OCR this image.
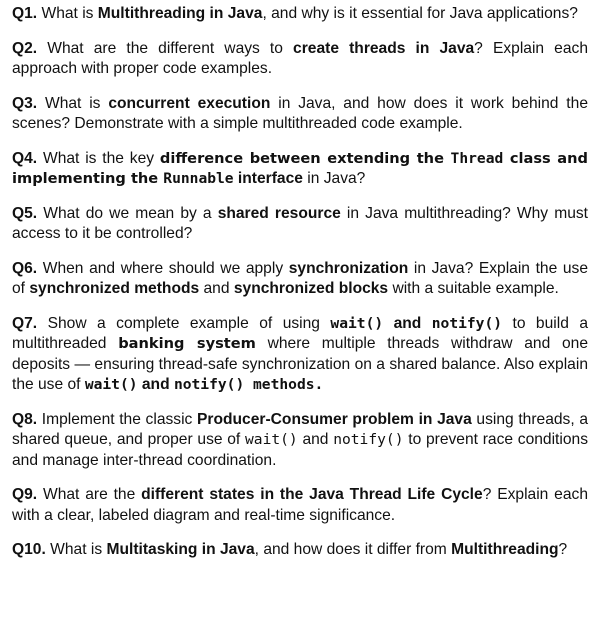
Q1. What is Multithreading in Java, and why is it essential for Java applications?

Q2. What are the different ways to create threads in Java? Explain each approach with proper code examples.

Q3. What is concurrent execution in Java, and how does it work behind the scenes? Demonstrate with a simple multithreaded code example.

Q4. What is the key difference between extending the Thread class and implementing the Runnable interface in Java?

Q5. What do we mean by a shared resource in Java multithreading? Why must access to it be controlled?

Q6. When and where should we apply synchronization in Java? Explain the use of synchronized methods and synchronized blocks with a suitable example.

Q7. Show a complete example of using wait() and notify() to build a multithreaded banking system where multiple threads withdraw and one deposits — ensuring thread-safe synchronization on a shared balance. Also explain the use of wait() and notify() methods.

Q8. Implement the classic Producer-Consumer problem in Java using threads, a shared queue, and proper use of wait() and notify() to prevent race conditions and manage inter-thread coordination.

Q9. What are the different states in the Java Thread Life Cycle? Explain each with a clear, labeled diagram and real-time significance.

Q10. What is Multitasking in Java, and how does it differ from Multithreading?
